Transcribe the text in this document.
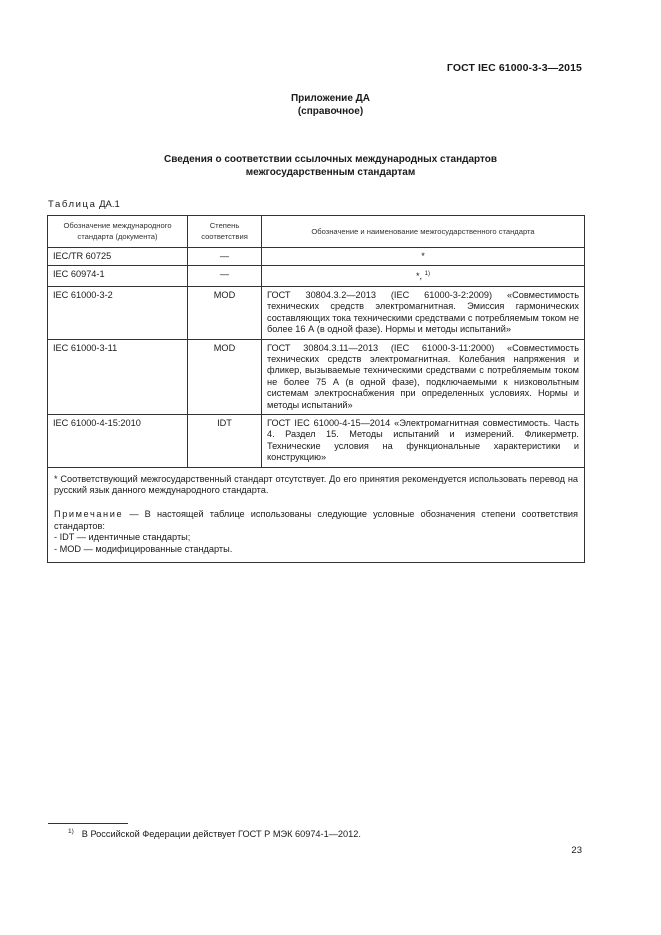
ГОСТ IEC 61000-3-3—2015
Приложение ДА
(справочное)
Сведения о соответствии ссылочных международных стандартов
межгосударственным стандартам
Таблица ДА.1
Обозначение международного стандарта (документа)	Степень соответствия	Обозначение и наименование межгосударственного стандарта
IEC/TR 60725	—	*
IEC 60974-1	—	*, $^{1)}$
IEC 61000-3-2	MOD	ГОСТ 30804.3.2—2013 (IEC 61000-3-2:2009) «Совместимость технических средств электромагнитная. Эмиссия гармонических составляющих тока техническими средствами с потребляемым током не более 16 А (в одной фазе). Нормы и методы испытаний»
IEC 61000-3-11	MOD	ГОСТ 30804.3.11—2013 (IEC 61000-3-11:2000) «Совместимость технических средств электромагнитная. Колебания напряжения и фликер, вызываемые техническими средствами с потребляемым током не более 75 А (в одной фазе), подключаемыми к низковольтным системам электроснабжения при определенных условиях. Нормы и методы испытаний»
IEC 61000-4-15:2010	IDT	ГОСТ IEC 61000-4-15—2014 «Электромагнитная совместимость. Часть 4. Раздел 15. Методы испытаний и измерений. Фликерметр. Технические условия на функциональные характеристики и конструкцию»

* Соответствующий межгосударственный стандарт отсутствует. До его принятия рекомендуется использовать перевод на русский язык данного международного стандарта.

Примечание — В настоящей таблице использованы следующие условные обозначения степени соответствия стандартов:

- IDT — идентичные стандарты;

- MOD — модифицированные стандарты.		

$^{1)}$ В Российской Федерации действует ГОСТ Р МЭК 60974-1—2012.
23
